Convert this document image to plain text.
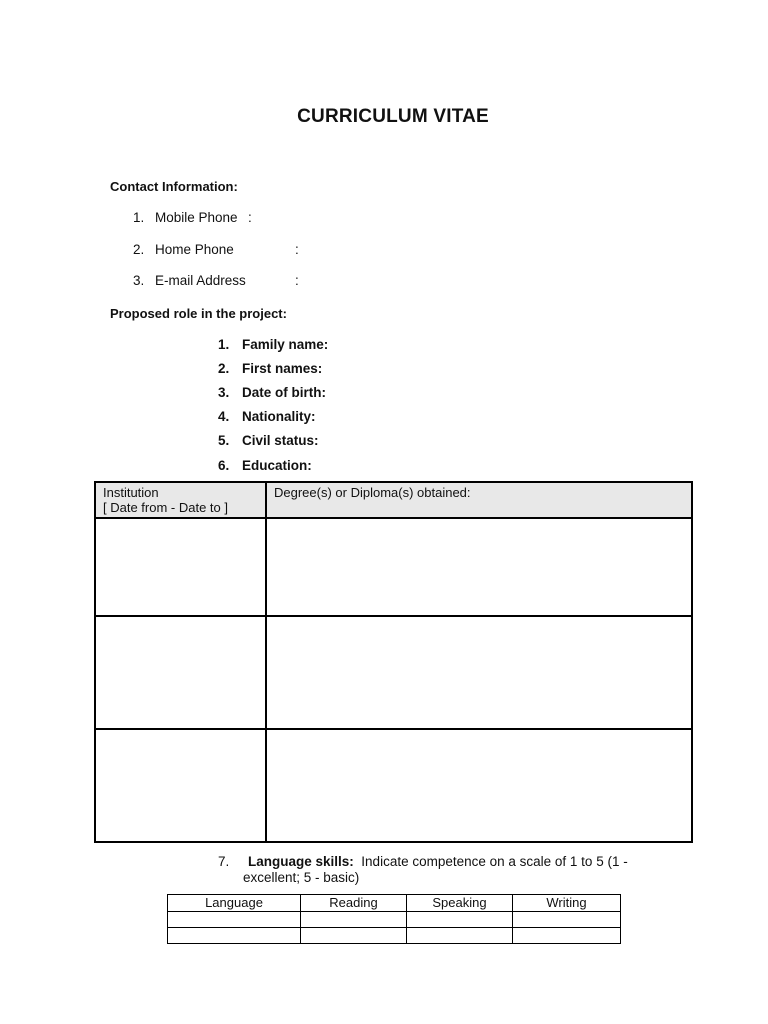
CURRICULUM VITAE
Contact Information:
1. Mobile Phone :
2. Home Phone	:
3. E-mail Address	:
Proposed role in the project:
1. Family name:
2. First names:
3. Date of birth:
4. Nationality:
5. Civil status:
6. Education:
Institution
[ Date from - Date to ]	Degree(s) or Diploma(s) obtained:

7. Language skills: Indicate competence on a scale of 1 to 5 (1 -
excellent; 5 - basic)
Language	Reading	Speaking	Writing
